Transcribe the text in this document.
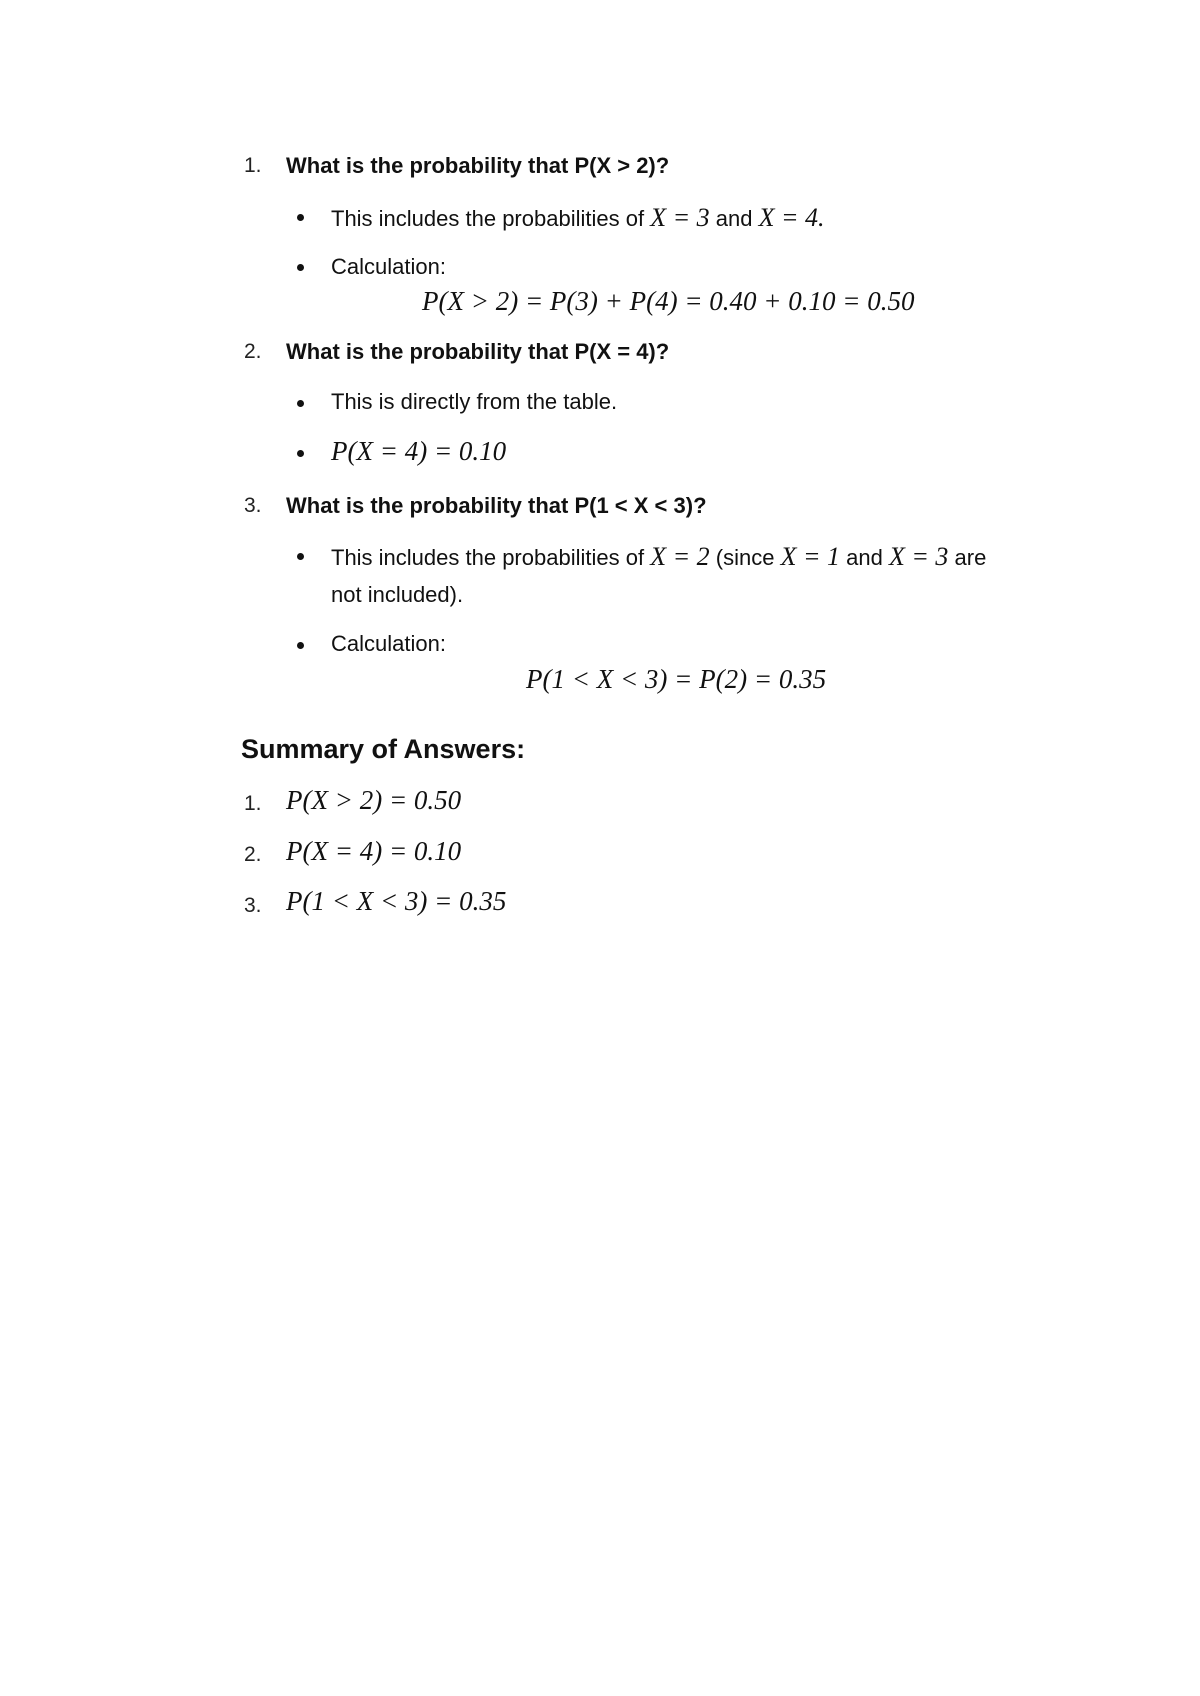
1. What is the probability that P(X > 2)?
This includes the probabilities of X = 3 and X = 4.
Calculation:
P(X > 2) = P(3) + P(4) = 0.40 + 0.10 = 0.50
2. What is the probability that P(X = 4)?
This is directly from the table.
P(X = 4) = 0.10
3. What is the probability that P(1 < X < 3)?
This includes the probabilities of X = 2 (since X = 1 and X = 3 are
not included).
Calculation:
P(1 < X < 3) = P(2) = 0.35
Summary of Answers:
1. P(X > 2) = 0.50
2. P(X = 4) = 0.10
3. P(1 < X < 3) = 0.35
